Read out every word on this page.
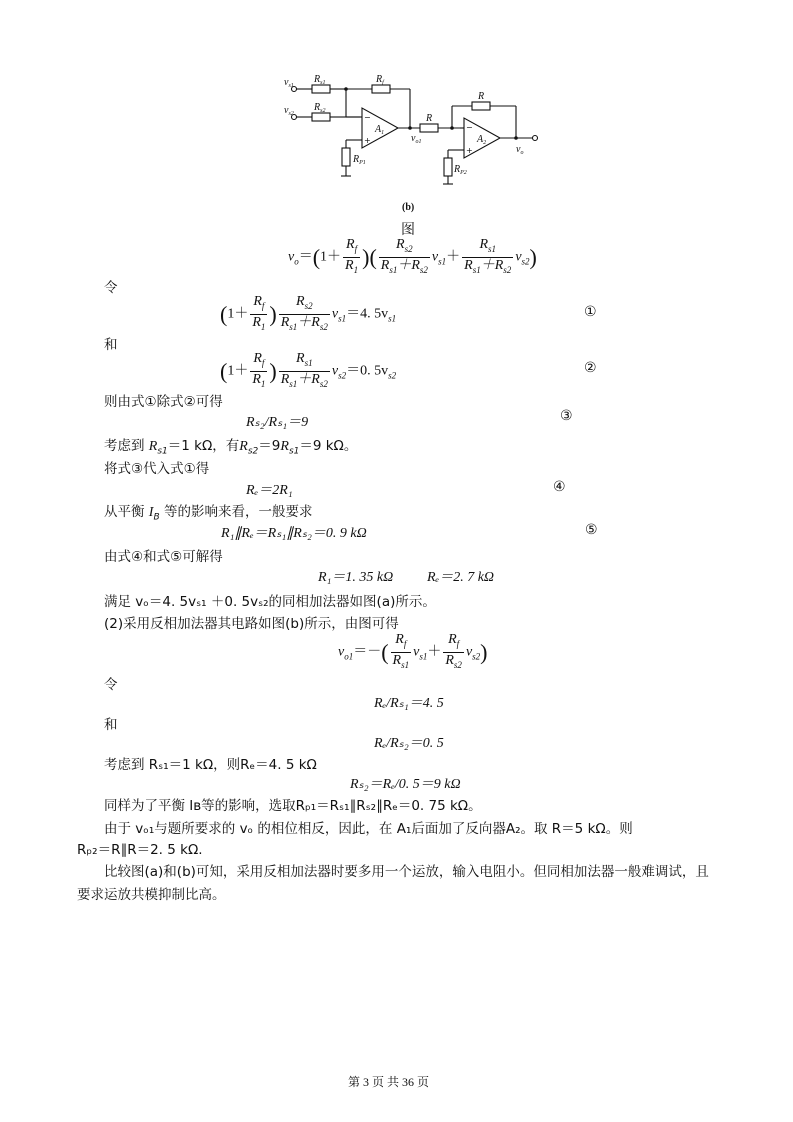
$v_{s1}$
$v_{s2}$
$R_{s1}$
$R_{s2}$
$R_f$
$A_1$
$R_{P1}$
$v_{o1}$
R
R
$A_2$
$R_{P2}$
$v_o$
−
+
−
+
(b)
图
$v_o=(1+ \frac{R_f}{R_1}$ )( $\frac{R_{s2}}{R_{s1}+R_{s2}} v_{s1}+ \frac{R_{s1}}{R_{s1}+R_{s2}} v_{s2}$)
令
($1+ \frac{R_f}{R_1}$ ) $\frac{R_{s2}}{R_{s1}+R_{s2}} v_{s1}=4$. $5v_{s1}$	①
和
($1+ \frac{R_f}{R_1}$ ) $\frac{R_{s1}}{R_{s1}+R_{s2}} v_{s2}=0$. $5v_{s2}$	②
则由式①除式②可得
Rₛ₂/Rₛ₁＝9	③
考虑到 $R_{s1}=1$ kΩ，有$R_{s2}=9R_{s1}=9$ kΩ。
将式③代入式①得
Rₑ＝2R₁	④
从平衡 $I_B$ 等的影响来看，一般要求
R₁∥Rₑ＝Rₛ₁∥Rₛ₂＝0. 9 kΩ	⑤
由式④和式⑤可解得
R₁＝1. 35 kΩ Rₑ＝2. 7 kΩ
满足 vₒ＝4. 5vₛ₁ ＋0. 5vₛ₂的同相加法器如图(a)所示。
(2)采用反相加法器其电路如图(b)所示，由图可得
$v_{o1}=-( \frac{R_f}{R_{s1}} v_{s1}+ \frac{R_f}{R_{s2}} v_{s2})$
令
Rₑ/Rₛ₁＝4. 5
和
Rₑ/Rₛ₂＝0. 5
考虑到 Rₛ₁＝1 kΩ，则Rₑ＝4. 5 kΩ
Rₛ₂＝Rₑ/0. 5＝9 kΩ
同样为了平衡 Iʙ等的影响，选取Rₚ₁＝Rₛ₁∥Rₛ₂∥Rₑ＝0. 75 kΩ。
由于 vₒ₁与题所要求的 vₒ 的相位相反，因此，在 A₁后面加了反向器A₂。取 R＝5 kΩ。则
Rₚ₂＝R∥R＝2. 5 kΩ.
比较图(a)和(b)可知，采用反相加法器时要多用一个运放，输入电阻小。但同相加法器一般难调试，且
要求运放共模抑制比高。
第 3 页 共 36 页
